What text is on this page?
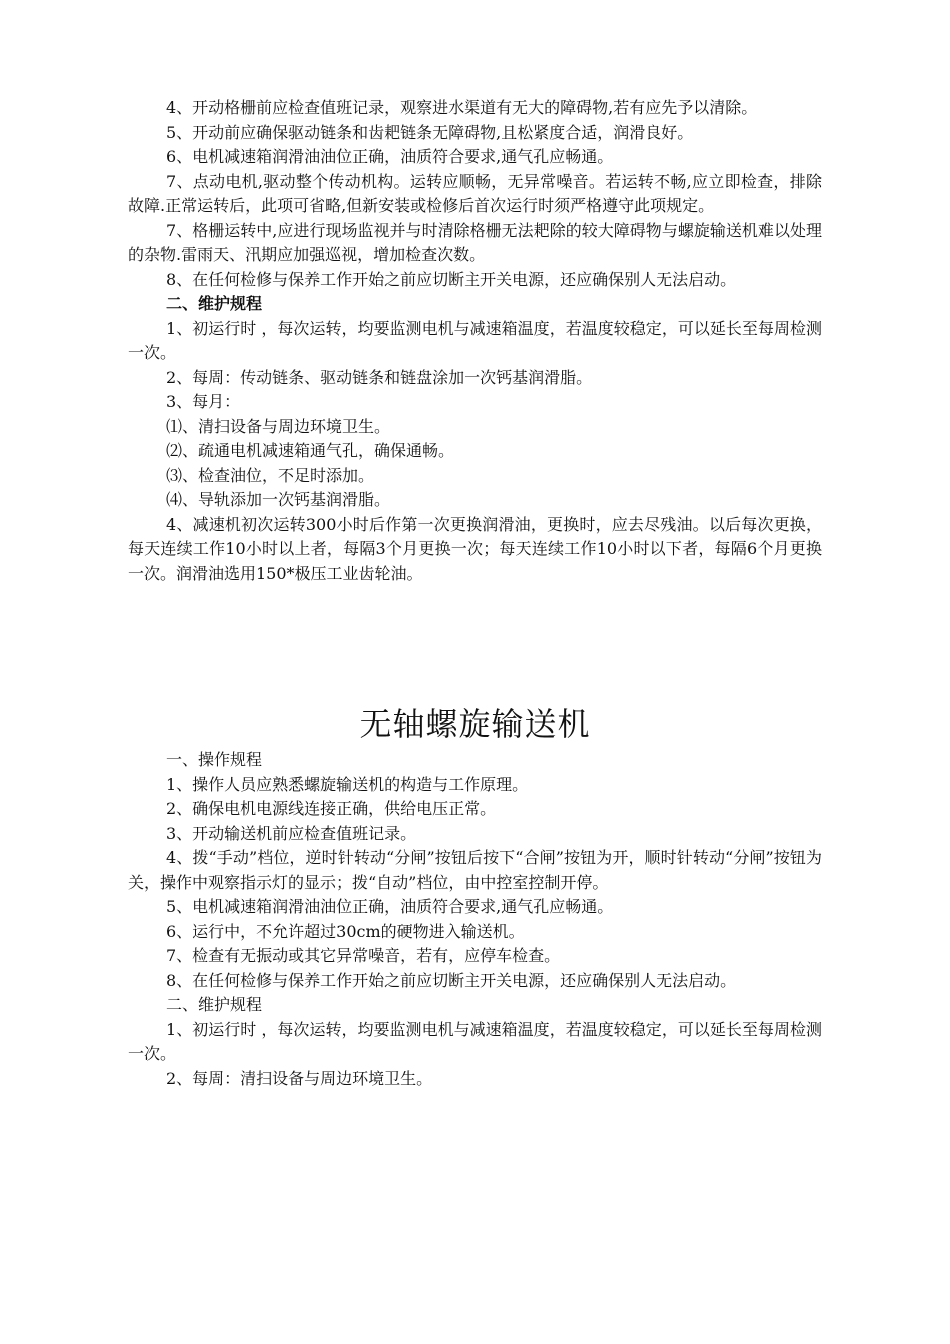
4、开动格栅前应检查值班记录，观察进水渠道有无大的障碍物,若有应先予以清除。

5、开动前应确保驱动链条和齿耙链条无障碍物,且松紧度合适，润滑良好。

6、电机减速箱润滑油油位正确，油质符合要求,通气孔应畅通。

7、点动电机,驱动整个传动机构。运转应顺畅，无异常噪音。若运转不畅,应立即检查，排除故障.正常运转后，此项可省略,但新安装或检修后首次运行时须严格遵守此项规定。

7、格栅运转中,应进行现场监视并与时清除格栅无法耙除的较大障碍物与螺旋输送机难以处理的杂物.雷雨天、汛期应加强巡视，增加检查次数。

8、在任何检修与保养工作开始之前应切断主开关电源，还应确保别人无法启动。

二、维护规程

1、初运行时 ，每次运转，均要监测电机与减速箱温度，若温度较稳定，可以延长至每周检测一次。

2、每周：传动链条、驱动链条和链盘涂加一次钙基润滑脂。

3、每月：

⑴、清扫设备与周边环境卫生。

⑵、疏通电机减速箱通气孔，确保通畅。

⑶、检查油位，不足时添加。

⑷、导轨添加一次钙基润滑脂。

4、减速机初次运转300小时后作第一次更换润滑油，更换时，应去尽残油。以后每次更换，每天连续工作10小时以上者，每隔3个月更换一次；每天连续工作10小时以下者，每隔6个月更换一次。润滑油选用150*极压工业齿轮油。

无轴螺旋输送机

一、操作规程

1、操作人员应熟悉螺旋输送机的构造与工作原理。

2、确保电机电源线连接正确，供给电压正常。

3、开动输送机前应检查值班记录。

4、拨“手动”档位，逆时针转动“分闸”按钮后按下“合闸”按钮为开，顺时针转动“分闸”按钮为关，操作中观察指示灯的显示；拨“自动”档位，由中控室控制开停。

5、电机减速箱润滑油油位正确，油质符合要求,通气孔应畅通。

6、运行中，不允许超过30cm的硬物进入输送机。

7、检查有无振动或其它异常噪音，若有，应停车检查。

8、在任何检修与保养工作开始之前应切断主开关电源，还应确保别人无法启动。

二、维护规程

1、初运行时 ，每次运转，均要监测电机与减速箱温度，若温度较稳定，可以延长至每周检测一次。

2、每周：清扫设备与周边环境卫生。
